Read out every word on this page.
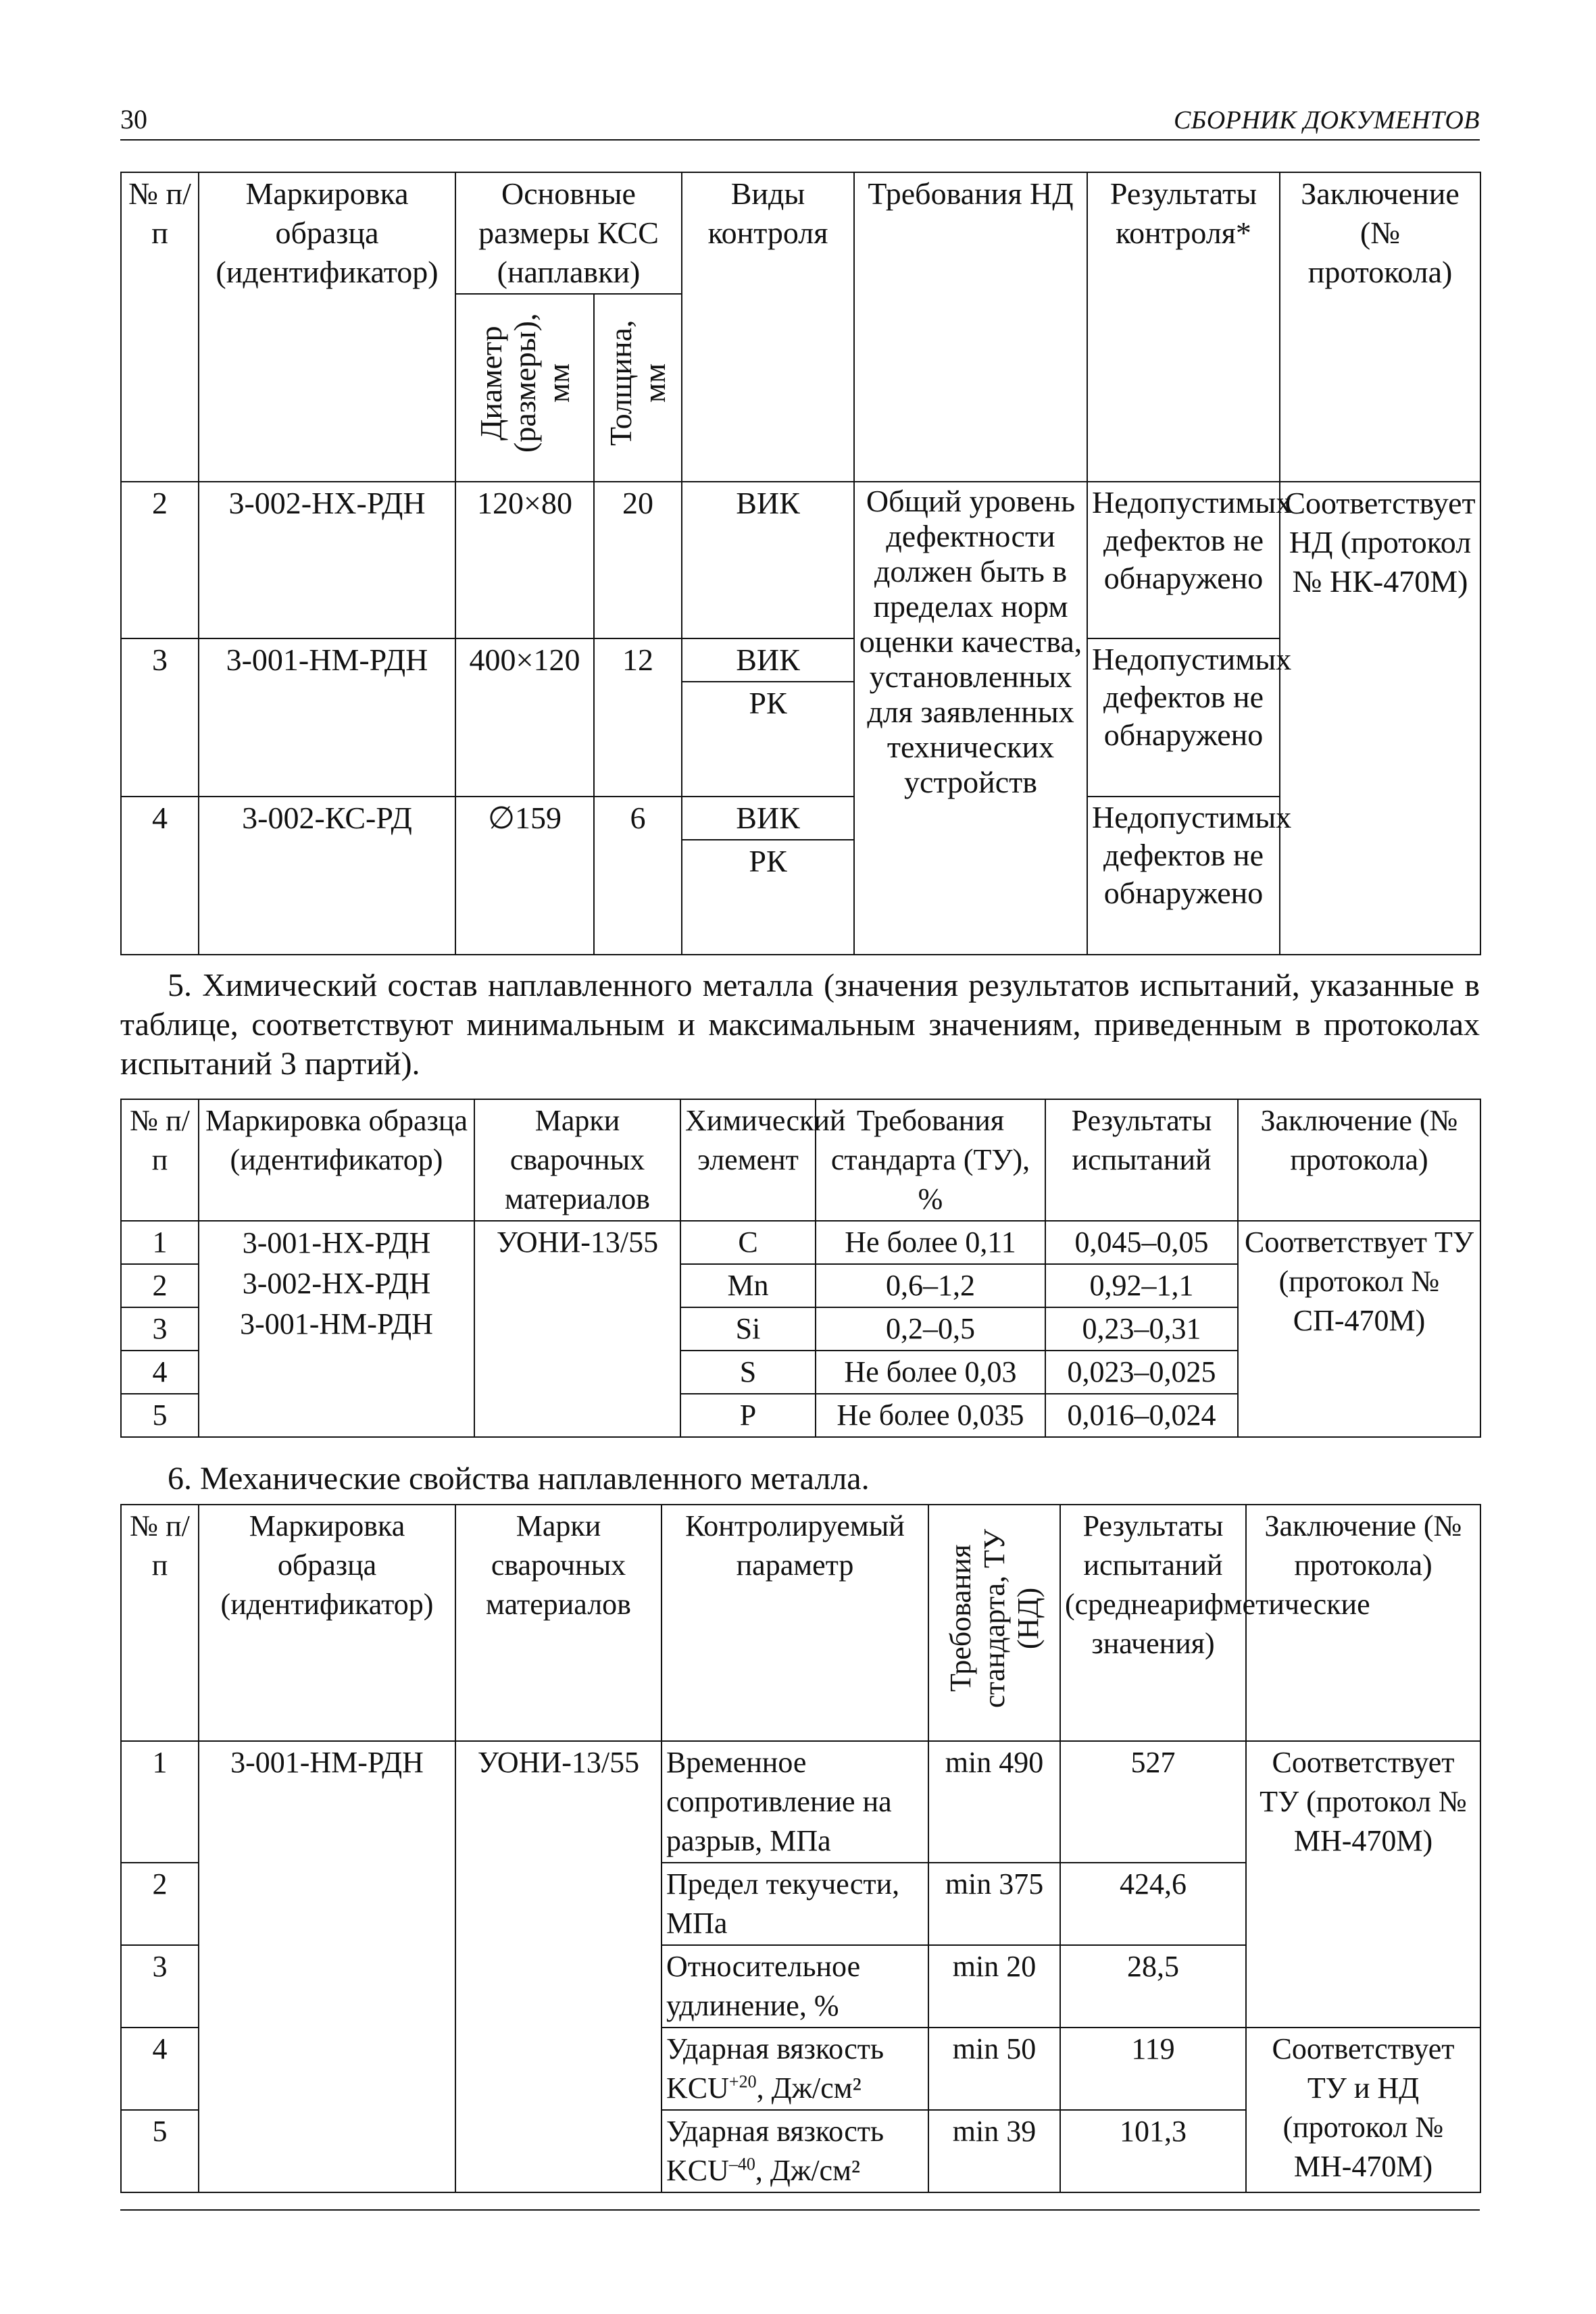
30	СБОРНИК ДОКУМЕНТОВ
№ п/п	Маркировка образца (идентификатор)	Основные размеры КСС (наплавки)		Виды контроля	Требования НД	Результаты контроля*	Заключение (№ протокола)
		Диаметр (размеры), мм	Толщина, мм				
2	3-002-НХ-РДН	120×80	20	ВИК	Общий уровень дефектности должен быть в пределах норм оценки качества, установленных для заявленных технических устройств	Недопустимых дефектов не обнаружено	Соответствует НД (протокол № НК-470М)
3	3-001-НМ-РДН	400×120	12	ВИК		Недопустимых дефектов не обнаружено	
				РК			
4	3-002-КС-РД	∅159	6	ВИК		Недопустимых дефектов не обнаружено	
				РК			
5. Химический состав наплавленного металла (значения результатов испытаний, указанные в таблице, соответствуют минимальным и максимальным значениям, приведенным в протоколах испытаний 3 партий).
№ п/п	Маркировка образца (идентификатор)	Марки сварочных материалов	Химический элемент	Требования стандарта (ТУ), %	Результаты испытаний	Заключение (№ протокола)
1	3-001-НХ-РДН
3-002-НХ-РДН
3-001-НМ-РДН	УОНИ-13/55	C	Не более 0,11	0,045–0,05	Соответствует ТУ (протокол № СП-470М)
2			Mn	0,6–1,2	0,92–1,1	
3			Si	0,2–0,5	0,23–0,31	
4			S	Не более 0,03	0,023–0,025	
5			P	Не более 0,035	0,016–0,024	
6. Механические свойства наплавленного металла.
№ п/п	Маркировка образца (идентификатор)	Марки сварочных материалов	Контролируемый параметр	Требования стандарта, ТУ (НД)	Результаты испытаний (среднеарифметические значения)	Заключение (№ протокола)
1	3-001-НМ-РДН	УОНИ-13/55	Временное сопротивление на разрыв, МПа	min 490	527	Соответствует ТУ (протокол № МН-470М)
2			Предел текучести, МПа	min 375	424,6	
3			Относительное удлинение, %	min 20	28,5	
4			Ударная вязкость $KCU^{+20}$, Дж/см²	min 50	119	Соответствует ТУ и НД (протокол № МН-470М)
5			Ударная вязкость $KCU^{-40}$, Дж/см²	min 39	101,3	
